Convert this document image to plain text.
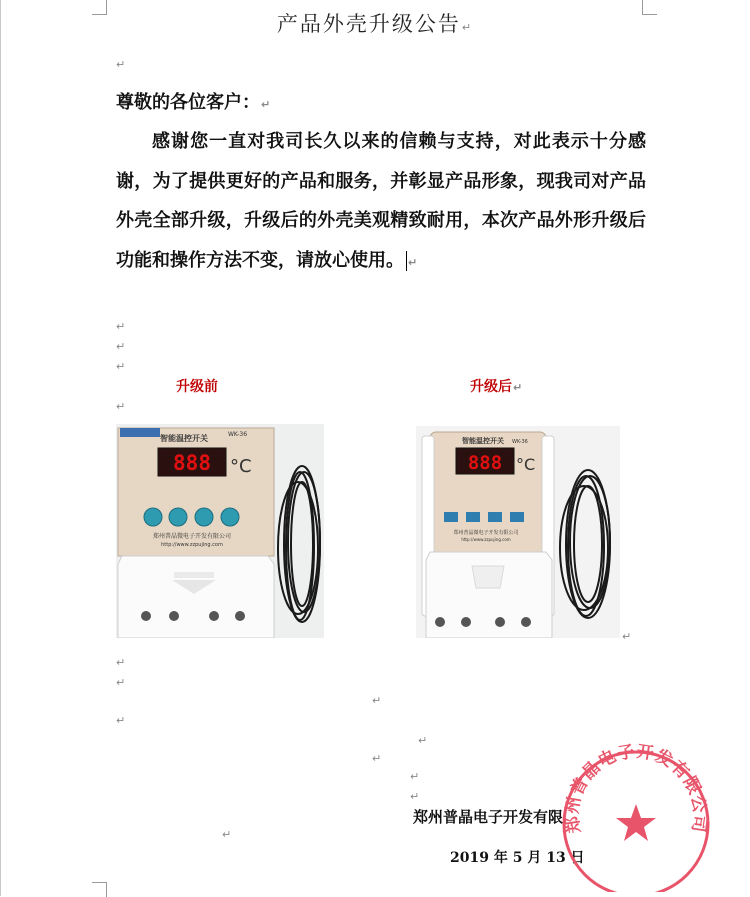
产品外壳升级公告↵
↵
尊敬的各位客户：↵
感谢您一直对我司长久以来的信赖与支持，对此表示十分感谢，为了提供更好的产品和服务，并彰显产品形象，现我司对产品外壳全部升级，升级后的外壳美观精致耐用，本次产品外形升级后功能和操作方法不变，请放心使用。 ↵
↵
↵
↵
↵
升级前	升级后↵
智能温控开关	WK-36
888 °C
郑州普晶微电子开发有限公司
http://www.zzpujing.com
智能温控开关 WK-36
888 °C
郑州普晶微电子开发有限公司
http://www.zzpujing.com
↵
↵
↵
↵
↵
↵
↵
↵
↵
↵
郑州普晶电子开发有限
2019 年 5 月 13 日
郑州普晶电子开发有限公司
